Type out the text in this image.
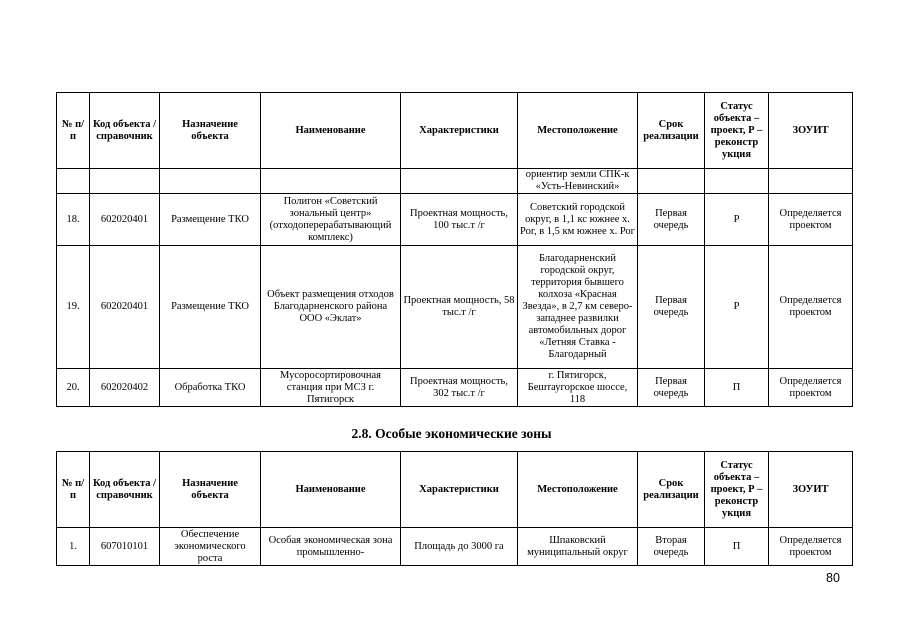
№ п/п	Код объекта / справочник	Назначение объекта	Наименование	Характеристики	Местоположение	Срок реализации	Статус объекта – проект, Р – реконстр укция	ЗОУИТ
					ориентир земли СПК-к «Усть-Невинский»			
18.	602020401	Размещение ТКО	Полигон «Советский зональный центр» (отходоперерабатывающий комплекс)	Проектная мощность, 100 тыс.т /г	Советский городской округ, в 1,1 кс южнее х. Рог, в 1,5 км южнее х. Рог	Первая очередь	Р	Определяется проектом
19.	602020401	Размещение ТКО	Объект размещения отходов Благодарненского района ООО «Эклат»	Проектная мощность, 58 тыс.т /г	Благодарненский городской округ, территория бывшего колхоза «Красная Звезда», в 2,7 км северо-западнее развилки автомобильных дорог «Летняя Ставка - Благодарный	Первая очередь	Р	Определяется проектом
20.	602020402	Обработка ТКО	Мусоросортировочная станция при МСЗ г. Пятигорск	Проектная мощность, 302 тыс.т /г	г. Пятигорск, Бештаугорское шоссе, 118	Первая очередь	П	Определяется проектом
2.8. Особые экономические зоны
№ п/п	Код объекта / справочник	Назначение объекта	Наименование	Характеристики	Местоположение	Срок реализации	Статус объекта – проект, Р – реконстр укция	ЗОУИТ
1.	607010101	Обеспечение экономического роста	Особая экономическая зона промышленно-	Площадь до 3000 га	Шпаковский муниципальный округ	Вторая очередь	П	Определяется проектом
80
